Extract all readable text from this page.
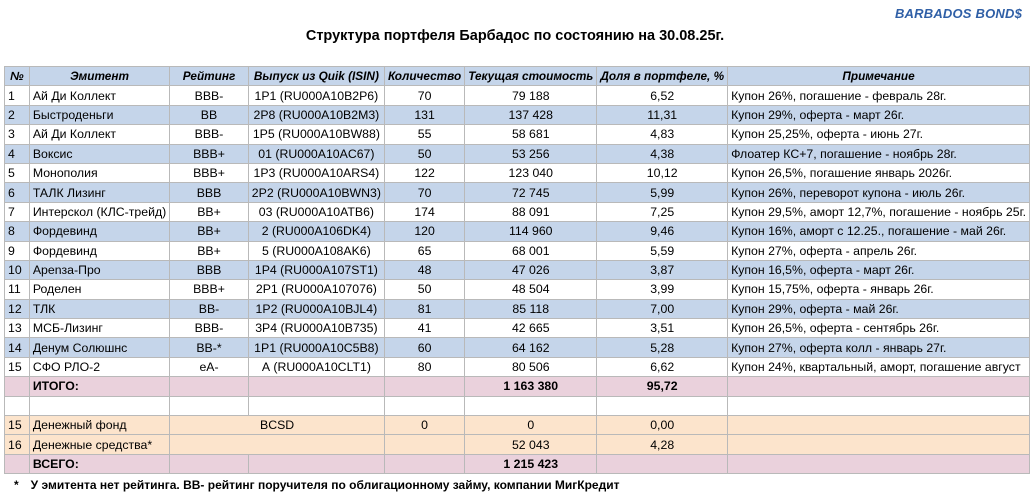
BARBADOS BOND$
Структура портфеля Барбадос по состоянию на 30.08.25г.
№	Эмитент	Рейтинг	Выпуск из Quik (ISIN)	Количество	Текущая стоимость	Доля в портфеле, %	Примечание
1	Ай Ди Коллект	BBB-	1P1 (RU000A10B2P6)	70	79 188	6,52	Купон 26%, погашение - февраль 28г.
2	Быстроденьги	BB	2P8 (RU000A10B2M3)	131	137 428	11,31	Купон 29%, оферта - март 26г.
3	Ай Ди Коллект	BBB-	1P5 (RU000A10BW88)	55	58 681	4,83	Купон 25,25%, оферта - июнь 27г.
4	Воксис	BBB+	01 (RU000A10AC67)	50	53 256	4,38	Флоатер КС+7, погашение - ноябрь 28г.
5	Монополия	BBB+	1P3 (RU000A10ARS4)	122	123 040	10,12	Купон 26,5%, погашение январь 2026г.
6	ТАЛК Лизинг	BBB	2P2 (RU000A10BWN3)	70	72 745	5,99	Купон 26%, переворот купона - июль 26г.
7	Интерскол (КЛС-трейд)	BB+	03 (RU000A10ATB6)	174	88 091	7,25	Купон 29,5%, аморт 12,7%, погашение - ноябрь 25г.
8	Фордевинд	BB+	2 (RU000A106DK4)	120	114 960	9,46	Купон 16%, аморт с 12.25., погашение - май 26г.
9	Фордевинд	BB+	5 (RU000A108AK6)	65	68 001	5,59	Купон 27%, оферта - апрель 26г.
10	Ареnза-Про	BBB	1P4 (RU000A107ST1)	48	47 026	3,87	Купон 16,5%, оферта - март 26г.
11	Роделен	BBB+	2P1 (RU000A107076)	50	48 504	3,99	Купон 15,75%, оферта - январь 26г.
12	ТЛК	BB-	1P2 (RU000A10BJL4)	81	85 118	7,00	Купон 29%, оферта - май 26г.
13	МСБ-Лизинг	BBB-	3P4 (RU000A10B735)	41	42 665	3,51	Купон 26,5%, оферта - сентябрь 26г.
14	Денум Солюшнс	BB-*	1P1 (RU000A10C5B8)	60	64 162	5,28	Купон 27%, оферта колл - январь 27г.
15	СФО РЛО-2	eA-	А (RU000A10CLT1)	80	80 506	6,62	Купон 24%, квартальный, аморт, погашение август
	ИТОГО:				1 163 380	95,72	

15	Денежный фонд	BCSD		0	0	0,00	
16	Денежные средства*				52 043	4,28	
	ВСЕГО:				1 215 423		
* У эмитента нет рейтинга. BB- рейтинг поручителя по облигационному займу, компании МигКредит
